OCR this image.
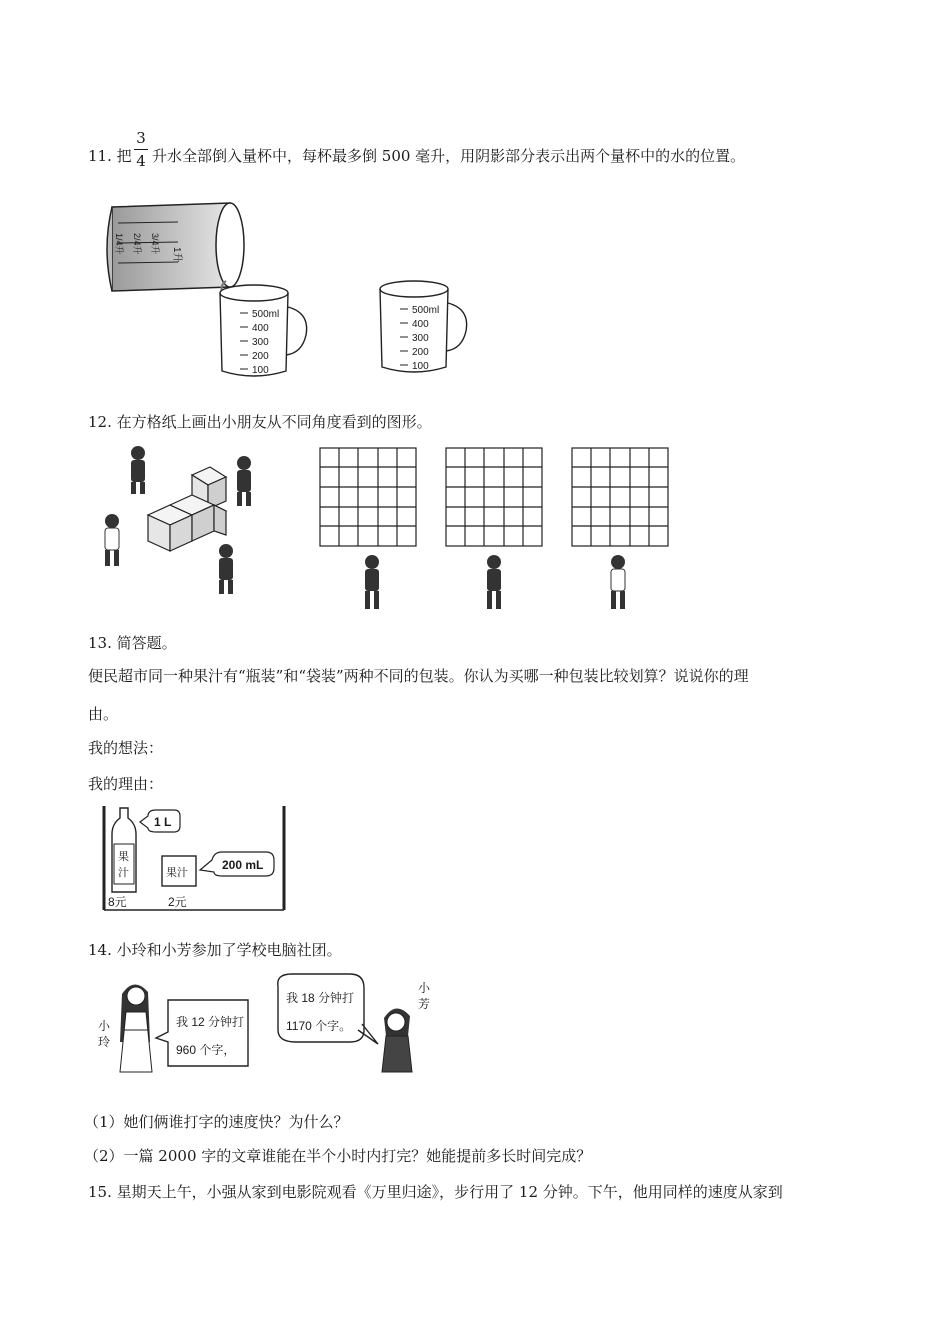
11. 把
3
4 升水全部倒入量杯中，每杯最多倒 500 毫升，用阴影部分表示出两个量杯中的水的位置。
1升
3/4升
2/4升
1/4升
500ml
400
300
200
100
500ml
400
300
200
100
12. 在方格纸上画出小朋友从不同角度看到的图形。
13. 简答题。
便民超市同一种果汁有“瓶装”和“袋装”两种不同的包装。你认为买哪一种包装比较划算？说说你的理
由。
我的想法：
我的理由：
果
汁
1 L
8元
果汁
200 mL
2元
14. 小玲和小芳参加了学校电脑社团。
小
玲
我 12 分钟打
960 个字，
我 18 分钟打
1170 个字。
小
芳
（1）她们俩谁打字的速度快？为什么？
（2）一篇 2000 字的文章谁能在半个小时内打完？她能提前多长时间完成？
15. 星期天上午，小强从家到电影院观看《万里归途》，步行用了 12 分钟。下午，他用同样的速度从家到
